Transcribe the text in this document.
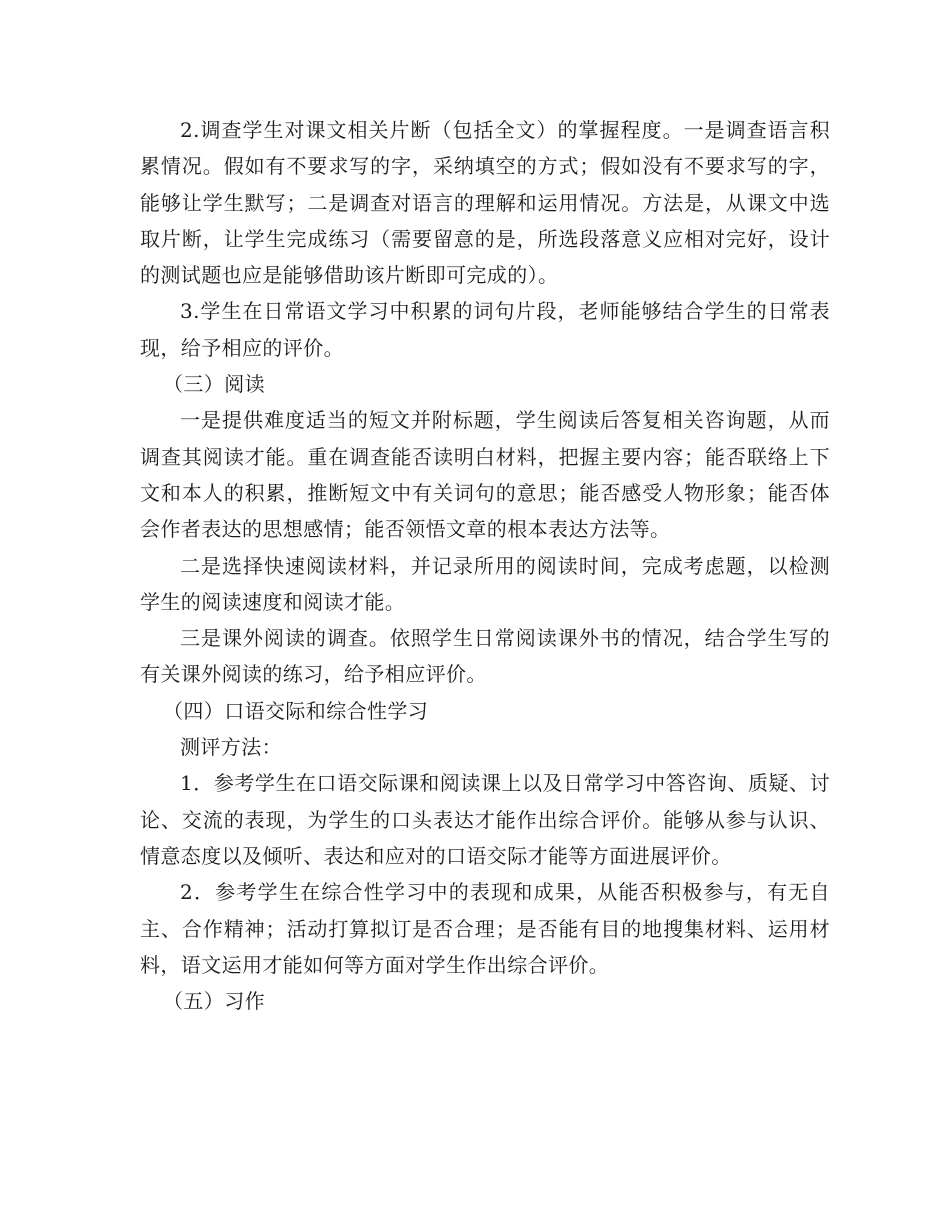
2.调查学生对课文相关片断（包括全文）的掌握程度。一是调查语言积累情况。假如有不要求写的字，采纳填空的方式；假如没有不要求写的字，能够让学生默写；二是调查对语言的理解和运用情况。方法是，从课文中选取片断，让学生完成练习（需要留意的是，所选段落意义应相对完好，设计的测试题也应是能够借助该片断即可完成的）。

3.学生在日常语文学习中积累的词句片段，老师能够结合学生的日常表现，给予相应的评价。

（三）阅读

一是提供难度适当的短文并附标题，学生阅读后答复相关咨询题，从而调查其阅读才能。重在调查能否读明白材料，把握主要内容；能否联络上下文和本人的积累，推断短文中有关词句的意思；能否感受人物形象；能否体会作者表达的思想感情；能否领悟文章的根本表达方法等。

二是选择快速阅读材料，并记录所用的阅读时间，完成考虑题，以检测学生的阅读速度和阅读才能。

三是课外阅读的调查。依照学生日常阅读课外书的情况，结合学生写的有关课外阅读的练习，给予相应评价。

（四）口语交际和综合性学习

测评方法：

1．参考学生在口语交际课和阅读课上以及日常学习中答咨询、质疑、讨论、交流的表现，为学生的口头表达才能作出综合评价。能够从参与认识、情意态度以及倾听、表达和应对的口语交际才能等方面进展评价。

2．参考学生在综合性学习中的表现和成果，从能否积极参与，有无自主、合作精神；活动打算拟订是否合理；是否能有目的地搜集材料、运用材料，语文运用才能如何等方面对学生作出综合评价。

（五）习作
